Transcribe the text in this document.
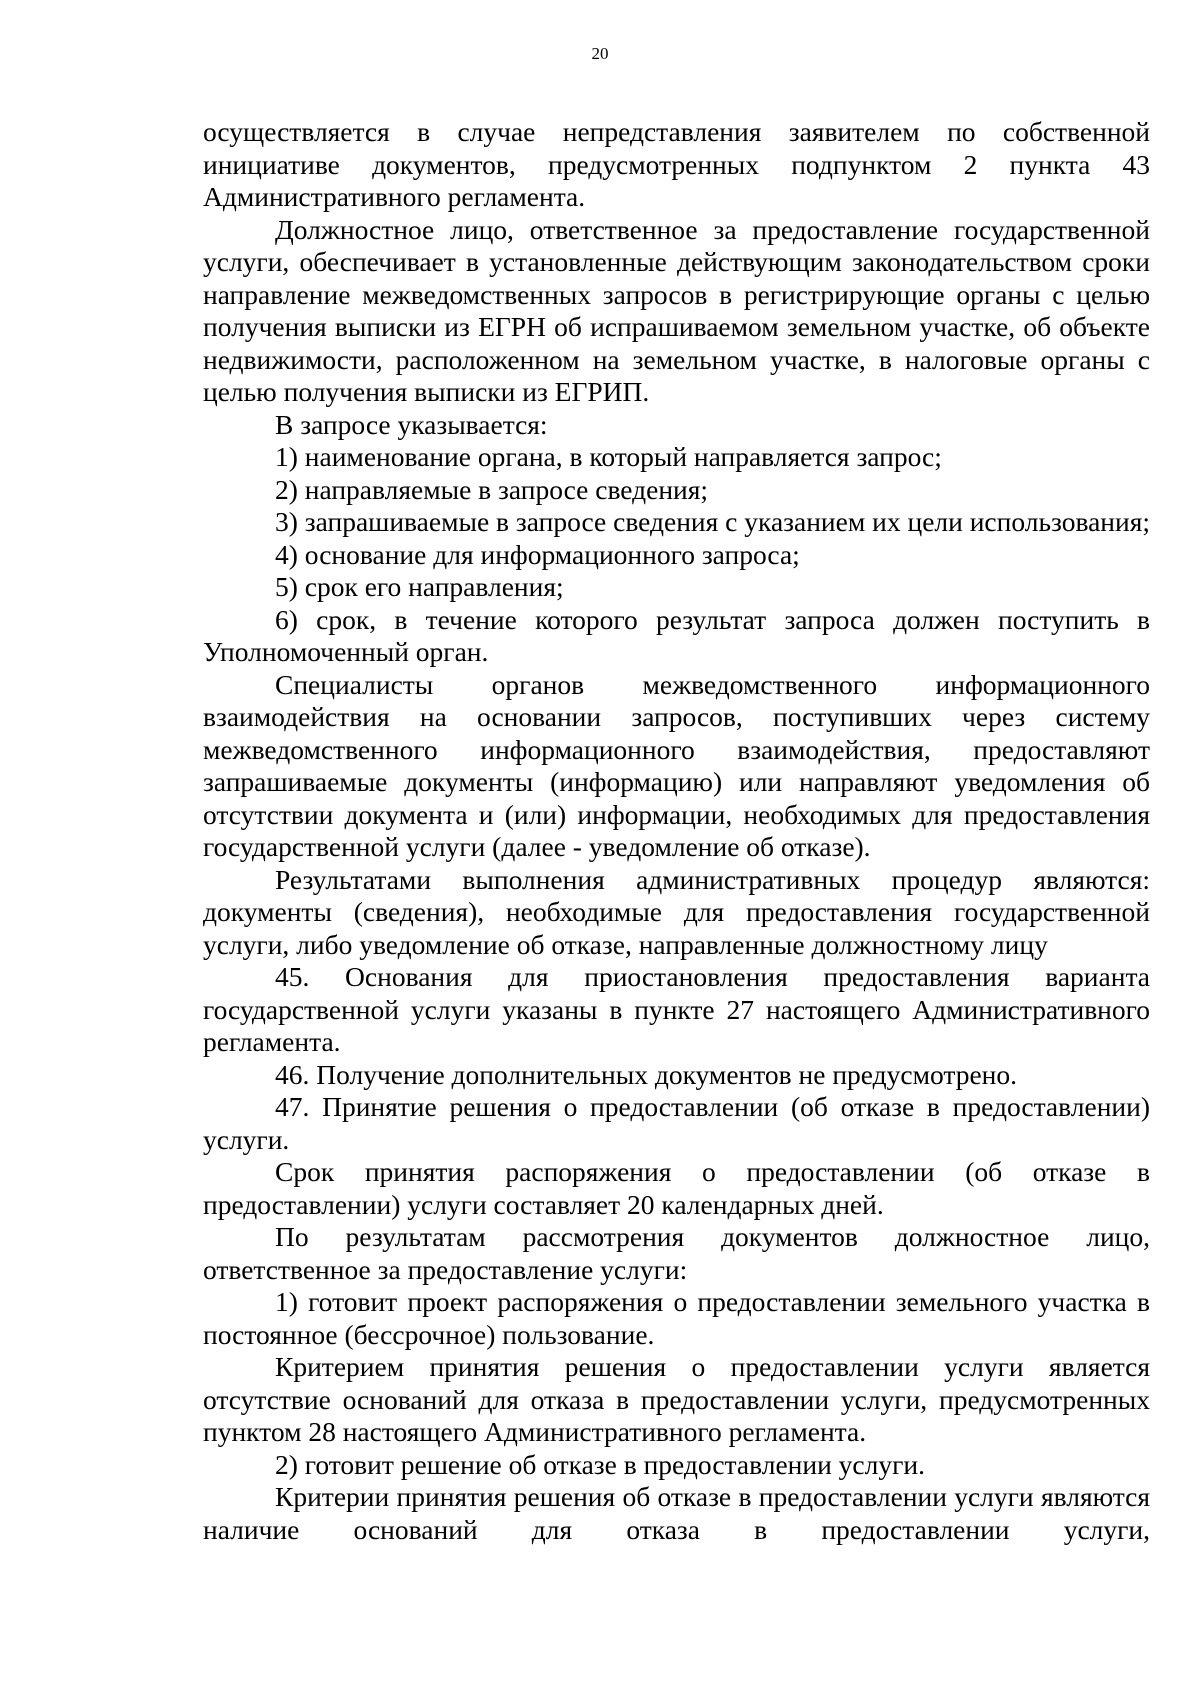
20

осуществляется в случае непредставления заявителем по собственной инициативе документов, предусмотренных подпунктом 2 пункта 43 Административного регламента.

Должностное лицо, ответственное за предоставление государственной услуги, обеспечивает в установленные действующим законодательством сроки направление межведомственных запросов в регистрирующие органы с целью получения выписки из ЕГРН об испрашиваемом земельном участке, об объекте недвижимости, расположенном на земельном участке, в налоговые органы с целью получения выписки из ЕГРИП.

В запросе указывается:

1) наименование органа, в который направляется запрос;

2) направляемые в запросе сведения;

3) запрашиваемые в запросе сведения с указанием их цели использования;

4) основание для информационного запроса;

5) срок его направления;

6) срок, в течение которого результат запроса должен поступить в Уполномоченный орган.

Специалисты органов межведомственного информационного взаимодействия на основании запросов, поступивших через систему межведомственного информационного взаимодействия, предоставляют запрашиваемые документы (информацию) или направляют уведомления об отсутствии документа и (или) информации, необходимых для предоставления государственной услуги (далее - уведомление об отказе).

Результатами выполнения административных процедур являются: документы (сведения), необходимые для предоставления государственной услуги, либо уведомление об отказе, направленные должностному лицу

45. Основания для приостановления предоставления варианта государственной услуги указаны в пункте 27 настоящего Административного регламента.

46. Получение дополнительных документов не предусмотрено.

47. Принятие решения о предоставлении (об отказе в предоставлении) услуги.

Срок принятия распоряжения о предоставлении (об отказе в предоставлении) услуги составляет 20 календарных дней.

По результатам рассмотрения документов должностное лицо, ответственное за предоставление услуги:

1) готовит проект распоряжения о предоставлении земельного участка в постоянное (бессрочное) пользование.

Критерием принятия решения о предоставлении услуги является отсутствие оснований для отказа в предоставлении услуги, предусмотренных пунктом 28 настоящего Административного регламента.

2) готовит решение об отказе в предоставлении услуги.

Критерии принятия решения об отказе в предоставлении услуги являются наличие оснований для отказа в предоставлении услуги,
